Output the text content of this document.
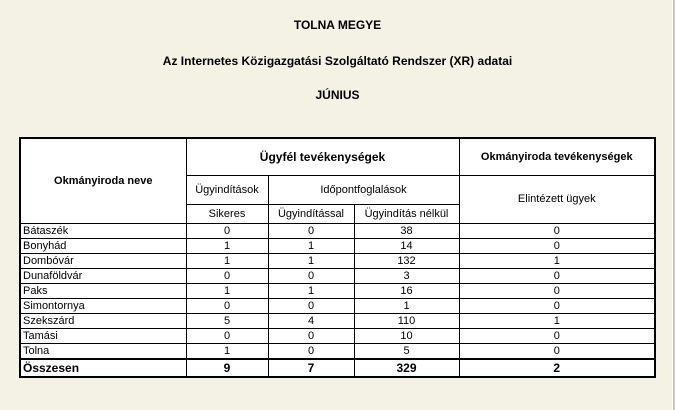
TOLNA MEGYE
Az Internetes Közigazgatási Szolgáltató Rendszer (XR) adatai
JÚNIUS
Okmányiroda neve	Ügyfél tevékenységek			Okmányiroda tevékenységek
	Ügyindítások	Időpontfoglalások		Elintézett ügyek
	Sikeres	Ügyindítással	Ügyindítás nélkül	
Bátaszék	0	0	38	0
Bonyhád	1	1	14	0
Dombóvár	1	1	132	1
Dunaföldvár	0	0	3	0
Paks	1	1	16	0
Simontornya	0	0	1	0
Szekszárd	5	4	110	1
Tamási	0	0	10	0
Tolna	1	0	5	0
Összesen	9	7	329	2
